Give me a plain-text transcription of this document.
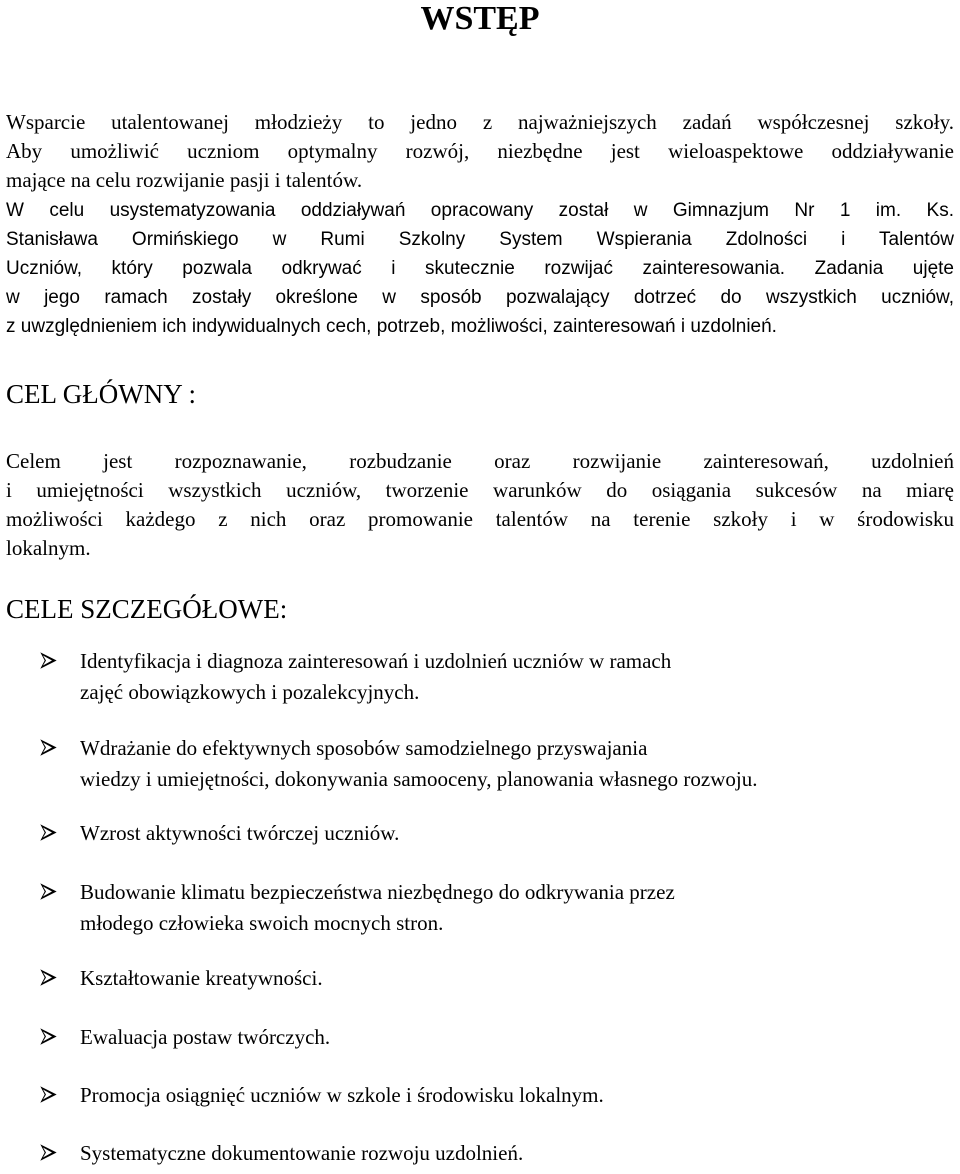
WSTĘP
Wsparcie utalentowanej młodzieży to jedno z najważniejszych zadań współczesnej szkoły.
Aby umożliwić uczniom optymalny rozwój, niezbędne jest wieloaspektowe oddziaływanie
mające na celu rozwijanie pasji i talentów.
W celu usystematyzowania oddziaływań opracowany został w Gimnazjum Nr 1 im. Ks.
Stanisława Ormińskiego w Rumi Szkolny System Wspierania Zdolności i Talentów
Uczniów, który pozwala odkrywać i skutecznie rozwijać zainteresowania. Zadania ujęte
w jego ramach zostały określone w sposób pozwalający dotrzeć do wszystkich uczniów,
z uwzględnieniem ich indywidualnych cech, potrzeb, możliwości, zainteresowań i uzdolnień.
CEL GŁÓWNY :
Celem jest rozpoznawanie, rozbudzanie oraz rozwijanie zainteresowań, uzdolnień
i umiejętności wszystkich uczniów, tworzenie warunków do osiągania sukcesów na miarę
możliwości każdego z nich oraz promowanie talentów na terenie szkoły i w środowisku
lokalnym.
CELE SZCZEGÓŁOWE:
Identyfikacja i diagnoza zainteresowań i uzdolnień uczniów w ramach
zajęć obowiązkowych i pozalekcyjnych.
Wdrażanie do efektywnych sposobów samodzielnego przyswajania
wiedzy i umiejętności, dokonywania samooceny, planowania własnego rozwoju.
Wzrost aktywności twórczej uczniów.
Budowanie klimatu bezpieczeństwa niezbędnego do odkrywania przez
młodego człowieka swoich mocnych stron.
Kształtowanie kreatywności.
Ewaluacja postaw twórczych.
Promocja osiągnięć uczniów w szkole i środowisku lokalnym.
Systematyczne dokumentowanie rozwoju uzdolnień.
